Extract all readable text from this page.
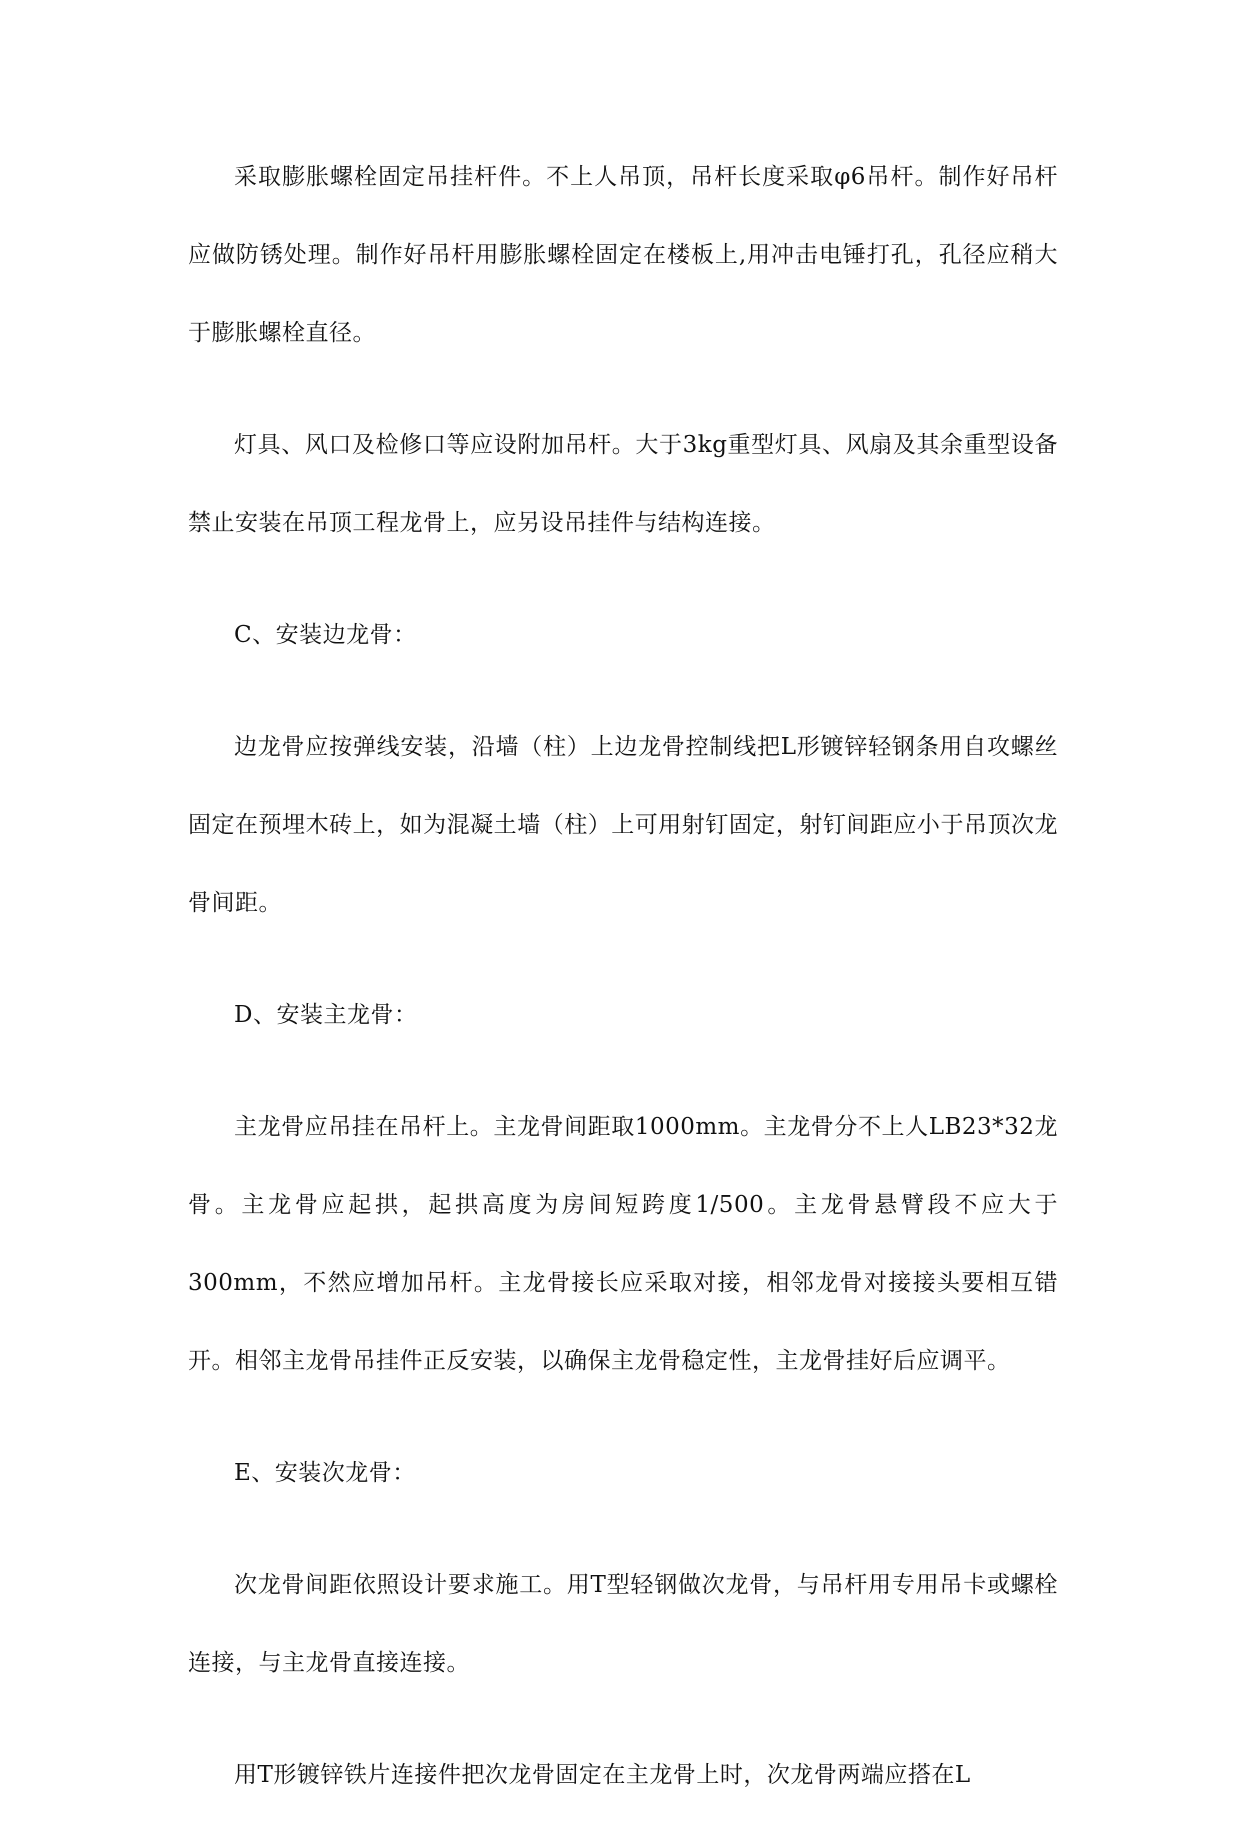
采取膨胀螺栓固定吊挂杆件。不上人吊顶，吊杆长度采取φ6吊杆。制作好吊杆应做防锈处理。制作好吊杆用膨胀螺栓固定在楼板上,用冲击电锤打孔，孔径应稍大于膨胀螺栓直径。

灯具、风口及检修口等应设附加吊杆。大于3kg重型灯具、风扇及其余重型设备禁止安装在吊顶工程龙骨上，应另设吊挂件与结构连接。

C、安装边龙骨：

边龙骨应按弹线安装，沿墙（柱）上边龙骨控制线把L形镀锌轻钢条用自攻螺丝固定在预埋木砖上，如为混凝土墙（柱）上可用射钉固定，射钉间距应小于吊顶次龙骨间距。

D、安装主龙骨：

主龙骨应吊挂在吊杆上。主龙骨间距取1000mm。主龙骨分不上人LB23*32龙骨。主龙骨应起拱，起拱高度为房间短跨度1/500。主龙骨悬臂段不应大于300mm，不然应增加吊杆。主龙骨接长应采取对接，相邻龙骨对接接头要相互错开。相邻主龙骨吊挂件正反安装，以确保主龙骨稳定性，主龙骨挂好后应调平。

E、安装次龙骨：

次龙骨间距依照设计要求施工。用T型轻钢做次龙骨，与吊杆用专用吊卡或螺栓连接，与主龙骨直接连接。

用T形镀锌铁片连接件把次龙骨固定在主龙骨上时，次龙骨两端应搭在L
